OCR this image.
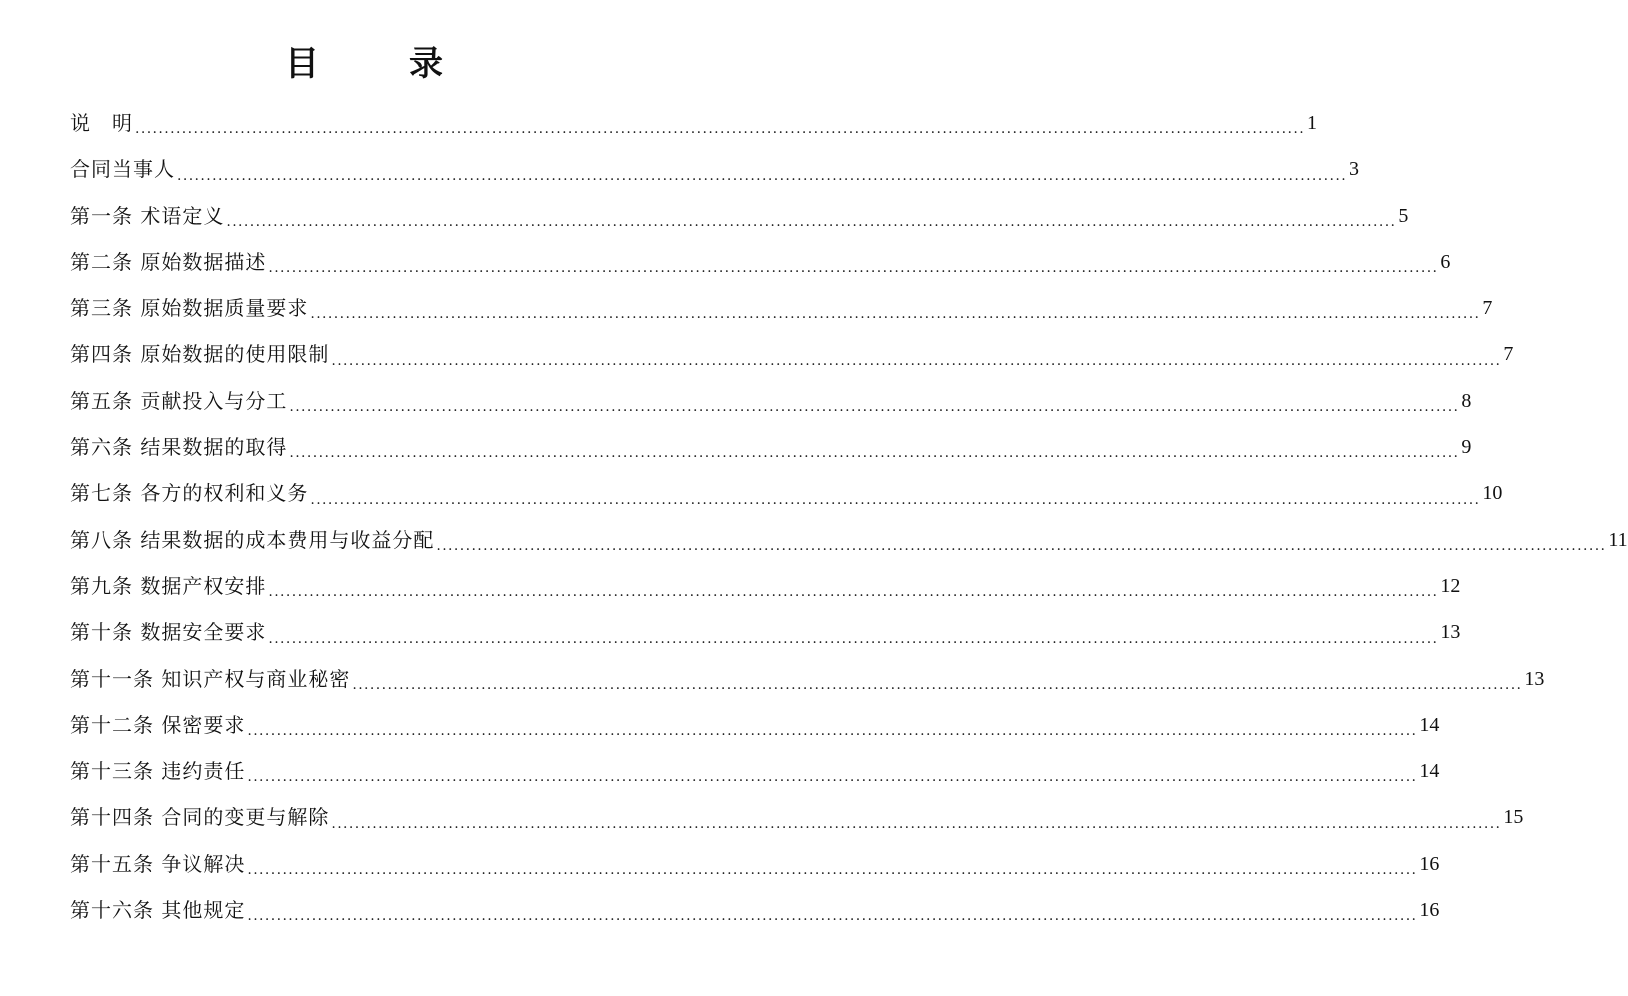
目　录
说　明 ........................................................................................................................................................................................................ 1
合同当事人 ........................................................................................................................................................................................................ 3
第一条 术语定义 ........................................................................................................................................................................................................ 5
第二条 原始数据描述 ........................................................................................................................................................................................................ 6
第三条 原始数据质量要求 ........................................................................................................................................................................................................ 7
第四条 原始数据的使用限制 ........................................................................................................................................................................................................ 7
第五条 贡献投入与分工 ........................................................................................................................................................................................................ 8
第六条 结果数据的取得 ........................................................................................................................................................................................................ 9
第七条 各方的权利和义务 ........................................................................................................................................................................................................ 10
第八条 结果数据的成本费用与收益分配 ........................................................................................................................................................................................................ 11
第九条 数据产权安排 ........................................................................................................................................................................................................ 12
第十条 数据安全要求 ........................................................................................................................................................................................................ 13
第十一条 知识产权与商业秘密 ........................................................................................................................................................................................................ 13
第十二条 保密要求 ........................................................................................................................................................................................................ 14
第十三条 违约责任 ........................................................................................................................................................................................................ 14
第十四条 合同的变更与解除 ........................................................................................................................................................................................................ 15
第十五条 争议解决 ........................................................................................................................................................................................................ 16
第十六条 其他规定 ........................................................................................................................................................................................................ 16
